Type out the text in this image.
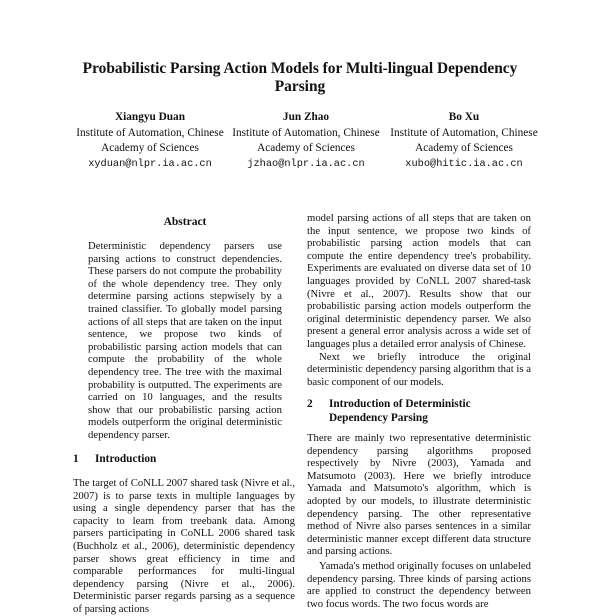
Probabilistic Parsing Action Models for Multi-lingual Dependency Parsing
Xiangyu Duan
Institute of Automation, Chinese Academy of Sciences
xyduan@nlpr.ia.ac.cn
Jun Zhao
Institute of Automation, Chinese Academy of Sciences
jzhao@nlpr.ia.ac.cn
Bo Xu
Institute of Automation, Chinese Academy of Sciences
xubo@hitic.ia.ac.cn
Abstract
Deterministic dependency parsers use parsing actions to construct dependencies. These parsers do not compute the probability of the whole dependency tree. They only determine parsing actions stepwisely by a trained classifier. To globally model parsing actions of all steps that are taken on the input sentence, we propose two kinds of probabilistic parsing action models that can compute the probability of the whole dependency tree. The tree with the maximal probability is outputted. The experiments are carried on 10 languages, and the results show that our probabilistic parsing action models outperform the original deterministic dependency parser.
1 Introduction
The target of CoNLL 2007 shared task (Nivre et al., 2007) is to parse texts in multiple languages by using a single dependency parser that has the capacity to learn from treebank data. Among parsers participating in CoNLL 2006 shared task (Buchholz et al., 2006), deterministic dependency parser shows great efficiency in time and comparable performances for multi-lingual dependency parsing (Nivre et al., 2006). Deterministic parser regards parsing as a sequence of parsing actions

model parsing actions of all steps that are taken on the input sentence, we propose two kinds of probabilistic parsing action models that can compute the entire dependency tree's probability. Experiments are evaluated on diverse data set of 10 languages provided by CoNLL 2007 shared-task (Nivre et al., 2007). Results show that our probabilistic parsing action models outperform the original deterministic dependency parser. We also present a general error analysis across a wide set of languages plus a detailed error analysis of Chinese.

Next we briefly introduce the original deterministic dependency parsing algorithm that is a basic component of our models.

2 Introduction of Deterministic Dependency Parsing

There are mainly two representative deterministic dependency parsing algorithms proposed respectively by Nivre (2003), Yamada and Matsumoto (2003). Here we briefly introduce Yamada and Matsumoto's algorithm, which is adopted by our models, to illustrate deterministic dependency parsing. The other representative method of Nivre also parses sentences in a similar deterministic manner except different data structure and parsing actions.

Yamada's method originally focuses on unlabeled dependency parsing. Three kinds of parsing actions are applied to construct the dependency between two focus words. The two focus words are
